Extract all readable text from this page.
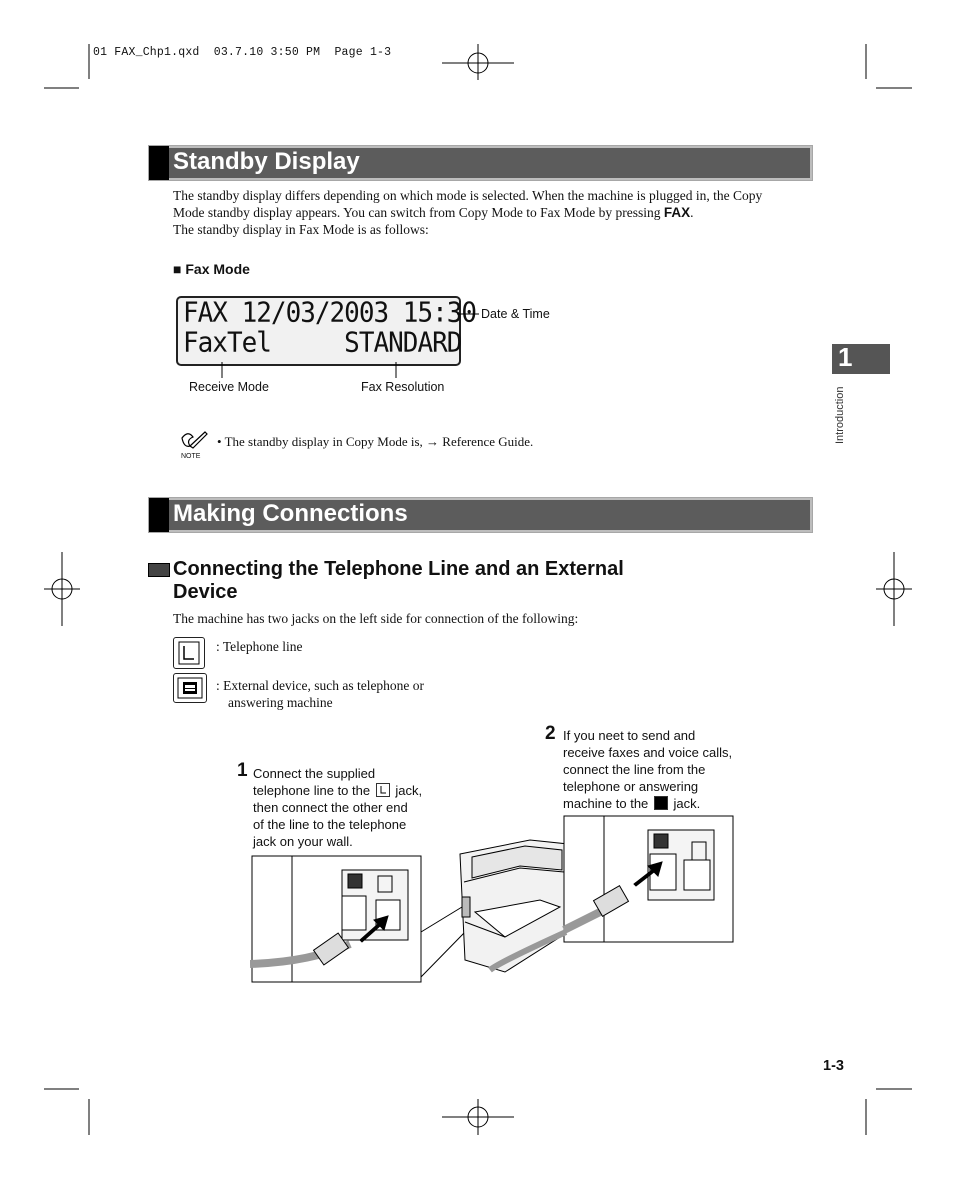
01 FAX_Chp1.qxd  03.7.10 3:50 PM  Page 1-3
Standby Display
The standby display differs depending on which mode is selected. When the machine is plugged in, the Copy
Mode standby display appears. You can switch from Copy Mode to Fax Mode by pressing FAX.
The standby display in Fax Mode is as follows:
■ Fax Mode
FAX 12/03/2003 15:30
FaxTel     STANDARD
Date & Time
Receive Mode	Fax Resolution
NOTE
• The standby display in Copy Mode is, → Reference Guide.
Making Connections
Connecting the Telephone Line and an External
Device
The machine has two jacks on the left side for connection of the following:
: Telephone line
: External device, such as telephone or
answering machine
1 Connect the supplied
telephone line to the
jack,
then connect the other end
of the line to the telephone
jack on your wall.
2 If you neet to send and
receive faxes and voice calls,
connect the line from the
telephone or answering
machine to the  jack.
1
Introduction
1-3
